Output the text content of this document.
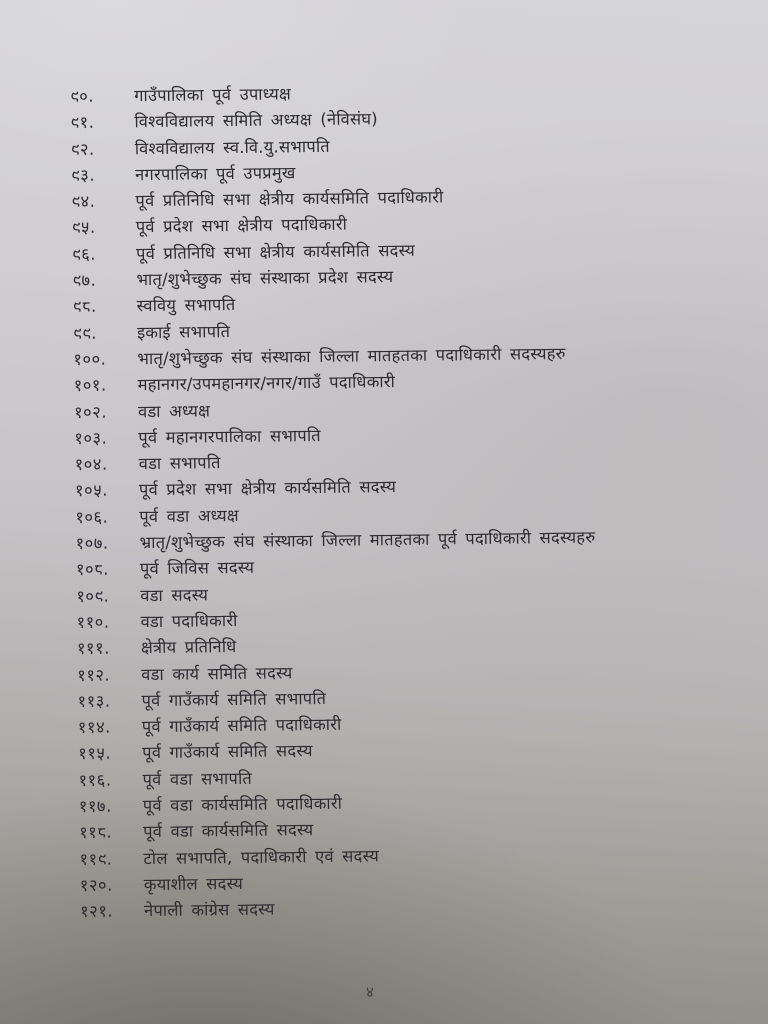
९०.	गाउँपालिका पूर्व उपाध्यक्ष
९१.	विश्वविद्यालय समिति अध्यक्ष (नेविसंघ)
९२.	विश्वविद्यालय स्व.वि.यु.सभापति
९३.	नगरपालिका पूर्व उपप्रमुख
९४.	पूर्व प्रतिनिधि सभा क्षेत्रीय कार्यसमिति पदाधिकारी
९५.	पूर्व प्रदेश सभा क्षेत्रीय पदाधिकारी
९६.	पूर्व प्रतिनिधि सभा क्षेत्रीय कार्यसमिति सदस्य
९७.	भातृ/शुभेच्छुक संघ संस्थाका प्रदेश सदस्य
९८.	स्ववियु सभापति
९९.	इकाई सभापति
१००.	भातृ/शुभेच्छुक संघ संस्थाका जिल्ला मातहतका पदाधिकारी सदस्यहरु
१०१.	महानगर/उपमहानगर/नगर/गाउँ पदाधिकारी
१०२.	वडा अध्यक्ष
१०३.	पूर्व महानगरपालिका सभापति
१०४.	वडा सभापति
१०५.	पूर्व प्रदेश सभा क्षेत्रीय कार्यसमिति सदस्य
१०६.	पूर्व वडा अध्यक्ष
१०७.	भ्रातृ/शुभेच्छुक संघ संस्थाका जिल्ला मातहतका पूर्व पदाधिकारी सदस्यहरु
१०८.	पूर्व जिविस सदस्य
१०९.	वडा सदस्य
११०.	वडा पदाधिकारी
१११.	क्षेत्रीय प्रतिनिधि
११२.	वडा कार्य समिति सदस्य
११३.	पूर्व गाउँकार्य समिति सभापति
११४.	पूर्व गाउँकार्य समिति पदाधिकारी
११५.	पूर्व गाउँकार्य समिति सदस्य
११६.	पूर्व वडा सभापति
११७.	पूर्व वडा कार्यसमिति पदाधिकारी
११८.	पूर्व वडा कार्यसमिति सदस्य
११९.	टोल सभापति, पदाधिकारी एवं सदस्य
१२०.	कृयाशील सदस्य
१२१.	नेपाली कांग्रेस सदस्य
४
